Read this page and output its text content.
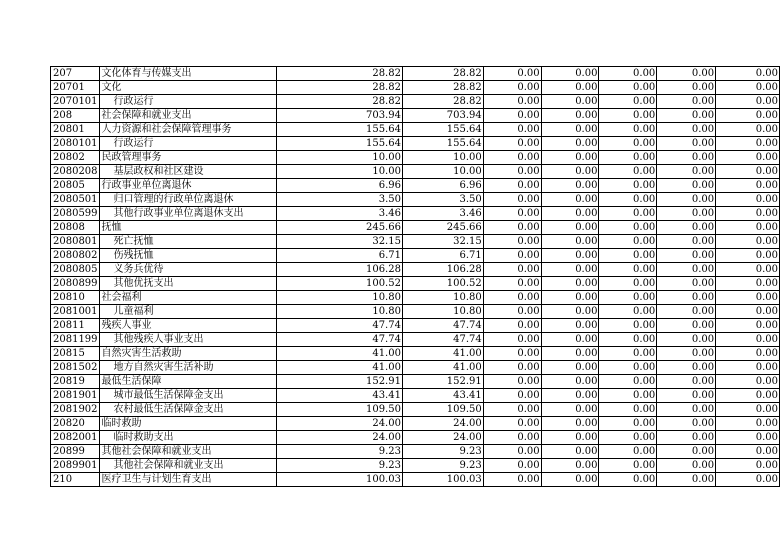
207	文化体育与传媒支出	28.82	28.82	0.00	0.00	0.00	0.00	0.00
20701	文化	28.82	28.82	0.00	0.00	0.00	0.00	0.00
2070101	行政运行	28.82	28.82	0.00	0.00	0.00	0.00	0.00
208	社会保障和就业支出	703.94	703.94	0.00	0.00	0.00	0.00	0.00
20801	人力资源和社会保障管理事务	155.64	155.64	0.00	0.00	0.00	0.00	0.00
2080101	行政运行	155.64	155.64	0.00	0.00	0.00	0.00	0.00
20802	民政管理事务	10.00	10.00	0.00	0.00	0.00	0.00	0.00
2080208	基层政权和社区建设	10.00	10.00	0.00	0.00	0.00	0.00	0.00
20805	行政事业单位离退休	6.96	6.96	0.00	0.00	0.00	0.00	0.00
2080501	归口管理的行政单位离退休	3.50	3.50	0.00	0.00	0.00	0.00	0.00
2080599	其他行政事业单位离退休支出	3.46	3.46	0.00	0.00	0.00	0.00	0.00
20808	抚恤	245.66	245.66	0.00	0.00	0.00	0.00	0.00
2080801	死亡抚恤	32.15	32.15	0.00	0.00	0.00	0.00	0.00
2080802	伤残抚恤	6.71	6.71	0.00	0.00	0.00	0.00	0.00
2080805	义务兵优待	106.28	106.28	0.00	0.00	0.00	0.00	0.00
2080899	其他优抚支出	100.52	100.52	0.00	0.00	0.00	0.00	0.00
20810	社会福利	10.80	10.80	0.00	0.00	0.00	0.00	0.00
2081001	儿童福利	10.80	10.80	0.00	0.00	0.00	0.00	0.00
20811	残疾人事业	47.74	47.74	0.00	0.00	0.00	0.00	0.00
2081199	其他残疾人事业支出	47.74	47.74	0.00	0.00	0.00	0.00	0.00
20815	自然灾害生活救助	41.00	41.00	0.00	0.00	0.00	0.00	0.00
2081502	地方自然灾害生活补助	41.00	41.00	0.00	0.00	0.00	0.00	0.00
20819	最低生活保障	152.91	152.91	0.00	0.00	0.00	0.00	0.00
2081901	城市最低生活保障金支出	43.41	43.41	0.00	0.00	0.00	0.00	0.00
2081902	农村最低生活保障金支出	109.50	109.50	0.00	0.00	0.00	0.00	0.00
20820	临时救助	24.00	24.00	0.00	0.00	0.00	0.00	0.00
2082001	临时救助支出	24.00	24.00	0.00	0.00	0.00	0.00	0.00
20899	其他社会保障和就业支出	9.23	9.23	0.00	0.00	0.00	0.00	0.00
2089901	其他社会保障和就业支出	9.23	9.23	0.00	0.00	0.00	0.00	0.00
210	医疗卫生与计划生育支出	100.03	100.03	0.00	0.00	0.00	0.00	0.00
